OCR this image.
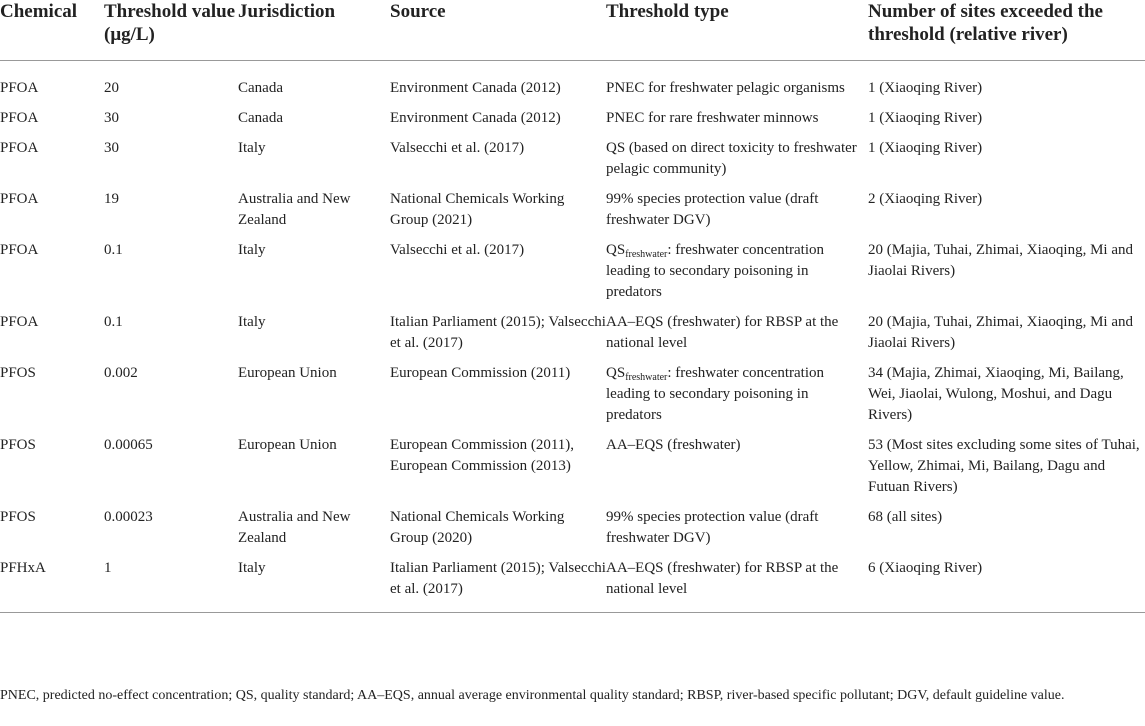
Chemical	Threshold value (μg/L)	Jurisdiction	Source	Threshold type	Number of sites exceeded the threshold (relative river)
PFOA	20	Canada	Environment Canada (2012)	PNEC for freshwater pelagic organisms	1 (Xiaoqing River)
PFOA	30	Canada	Environment Canada (2012)	PNEC for rare freshwater minnows	1 (Xiaoqing River)
PFOA	30	Italy	Valsecchi et al. (2017)	QS (based on direct toxicity to freshwater pelagic community)	1 (Xiaoqing River)
PFOA	19	Australia and New Zealand	National Chemicals Working Group (2021)	99% species protection value (draft freshwater DGV)	2 (Xiaoqing River)
PFOA	0.1	Italy	Valsecchi et al. (2017)	$QS_{freshwater}$: freshwater concentration leading to secondary poisoning in predators	20 (Majia, Tuhai, Zhimai, Xiaoqing, Mi and Jiaolai Rivers)
PFOA	0.1	Italy	Italian Parliament (2015); Valsecchi et al. (2017)	AA–EQS (freshwater) for RBSP at the national level	20 (Majia, Tuhai, Zhimai, Xiaoqing, Mi and Jiaolai Rivers)
PFOS	0.002	European Union	European Commission (2011)	$QS_{freshwater}$: freshwater concentration leading to secondary poisoning in predators	34 (Majia, Zhimai, Xiaoqing, Mi, Bailang, Wei, Jiaolai, Wulong, Moshui, and Dagu Rivers)
PFOS	0.00065	European Union	European Commission (2011), European Commission (2013)	AA–EQS (freshwater)	53 (Most sites excluding some sites of Tuhai, Yellow, Zhimai, Mi, Bailang, Dagu and Futuan Rivers)
PFOS	0.00023	Australia and New Zealand	National Chemicals Working Group (2020)	99% species protection value (draft freshwater DGV)	68 (all sites)
PFHxA	1	Italy	Italian Parliament (2015); Valsecchi et al. (2017)	AA–EQS (freshwater) for RBSP at the national level	6 (Xiaoqing River)
PNEC, predicted no-effect concentration; QS, quality standard; AA–EQS, annual average environmental quality standard; RBSP, river-based specific pollutant; DGV, default guideline value.
